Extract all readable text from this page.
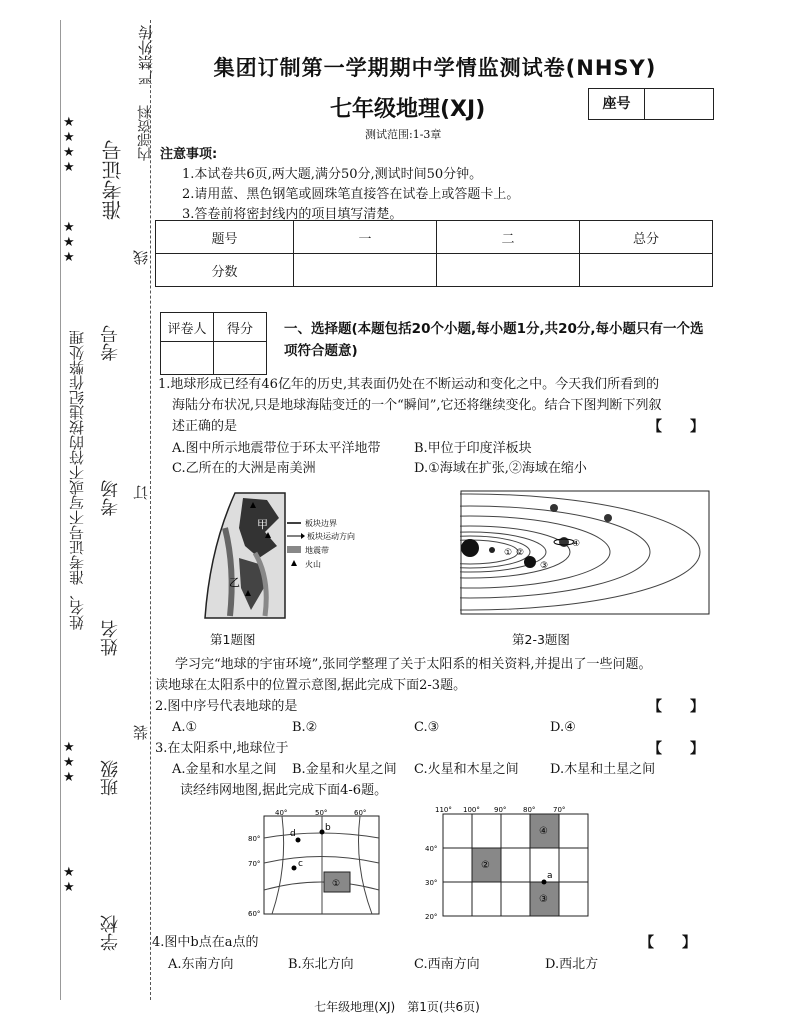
姓名、准考证号不写或不符的按违纪作弊处理
严禁外传
内部资料
准考证号
线
考号
考场 订
姓名
装
班级
学校
★
★
★
★
★
★
★
★
★
★
★
★
集团订制第一学期期中学情监测试卷(NHSY)
七年级地理(XJ)	座号
测试范围:1-3章
注意事项:
1.本试卷共6页,两大题,满分50分,测试时间50分钟。
2.请用蓝、黑色钢笔或圆珠笔直接答在试卷上或答题卡上。
3.答卷前将密封线内的项目填写清楚。
题号	一	二	总分
分数			
评卷人	得分
	一、选择题(本题包括20个小题,每小题1分,共20分,每小题只有一个选项符合题意)
1.地球形成已经有46亿年的历史,其表面仍处在不断运动和变化之中。今天我们所看到的
海陆分布状况,只是地球海陆变迁的一个“瞬间”,它还将继续变化。结合下图判断下列叙
述正确的是	【　　】
A.图中所示地震带位于环太平洋地带	B.甲位于印度洋板块
C.乙所在的大洲是南美洲	D.①海域在扩张,②海域在缩小
甲
乙
板块边界
板块运动方向
地震带
火山
第1题图
① ②
③
④
第2-3题图
学习完“地球的宇宙环境”,张同学整理了关于太阳系的相关资料,并提出了一些问题。
读地球在太阳系中的位置示意图,据此完成下面2-3题。
2.图中序号代表地球的是	【　　】
A.①	B.②	C.③	D.④
3.在太阳系中,地球位于	【　　】
A.金星和水星之间 B.金星和火星之间 C.火星和木星之间 D.木星和土星之间
读经纬网地图,据此完成下面4-6题。
①
d
b
c
40°	50°	60°
80°
70°
60°
②
③
④
a
110° 100° 90° 80°	70°
40°
30°
20°
4.图中b点在a点的	【　　】
A.东南方向	B.东北方向	C.西南方向	D.西北方
七年级地理(XJ)　第1页(共6页)
